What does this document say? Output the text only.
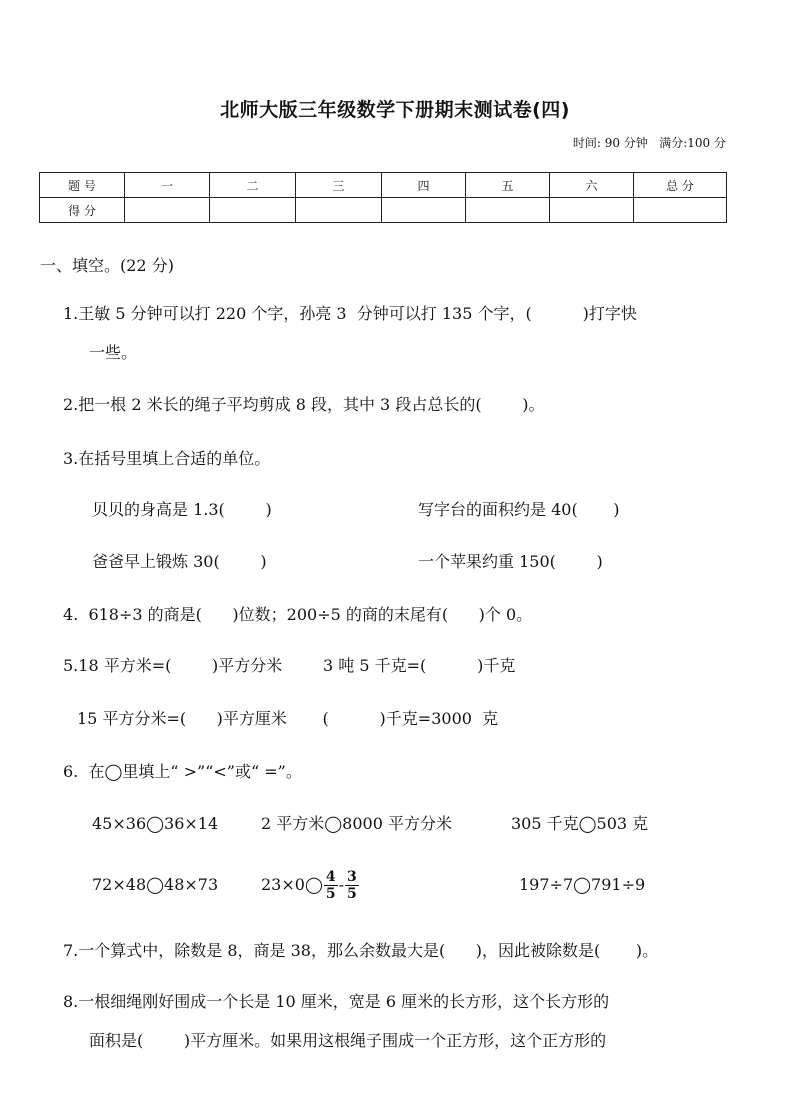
北师大版三年级数学下册期末测试卷(四)
时间: 90 分钟   满分:100 分
题 号	一	二	三	四	五	六	总 分
得 分							
一、填空。(22 分)
1.王敏 5 分钟可以打 220 个字，孙亮 3  分钟可以打 135 个字，(          )打字快
一些。
2.把一根 2 米长的绳子平均剪成 8 段，其中 3 段占总长的(        )。
3.在括号里填上合适的单位。
贝贝的身高是 1.3(        )	写字台的面积约是 40(       )
爸爸早上锻炼 30(        )	一个苹果约重 150(        )
4.  618÷3 的商是(      )位数；200÷5 的商的末尾有(      )个 0。
5.18 平方米=(        )平方分米        3 吨 5 千克=(          )千克
15 平方分米=(      )平方厘米       (          )千克=3000  克
6.  在◯里填上“ >”“<”或“ =”。
45×36◯36×14	2 平方米◯8000 平方分米	305 千克◯503 克
72×48◯48×73	23×0◯ $\frac{4}{5} - \frac{3}{5}$	197÷7◯791÷9
7.一个算式中，除数是 8，商是 38，那么余数最大是(      )，因此被除数是(       )。
8.一根细绳刚好围成一个长是 10 厘米，宽是 6 厘米的长方形，这个长方形的
面积是(        )平方厘米。如果用这根绳子围成一个正方形，这个正方形的
